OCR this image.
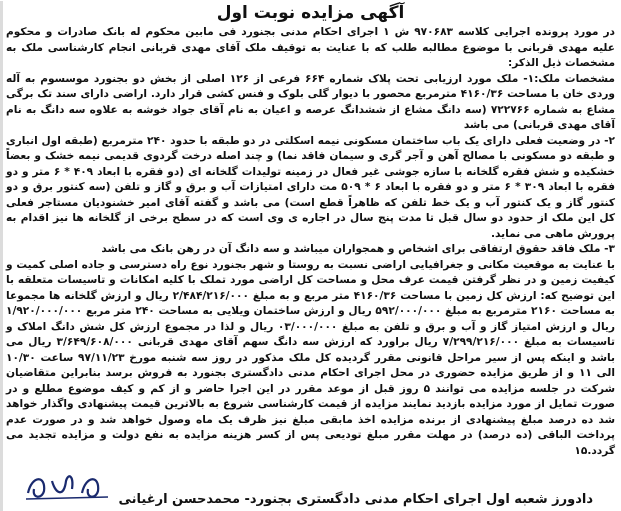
آگهی مزایده نوبت اول

در مورد پرونده اجرایی کلاسه ۹۷۰۶۸۳ ش ۱ اجرای احکام مدنی بجنورد فی مابین محکوم له بانک صادرات و محکوم علیه مهدی قربانی با موضوع مطالبه طلب که با عنایت به توقیف ملک آقای مهدی قربانی انجام کارشناسی ملک به مشخصات ذیل الذکر:

مشخصات ملک:۱- ملک مورد ارزیابی تحت پلاک شماره ۶۶۴ فرعی از ۱۲۶ اصلی از بخش دو بجنورد موسسوم به آله وردی خان با مساحت ۴۱۶۰/۳۶ مترمربع محصور با دیوار گلی بلوک و فنس کشی قرار دارد. اراضی دارای سند تک برگی مشاع به شماره ۷۲۲۷۶۶ (سه دانگ مشاع از ششدانگ عرصه و اعیان به نام آقای جواد خوشه به علاوه سه دانگ به نام آقای مهدی قربانی) می باشد

۲- در وضعیت فعلی دارای یک باب ساختمان مسکونی نیمه اسکلتی در دو طبقه با حدود ۲۴۰ مترمربع (طبقه اول انباری و طبقه دو مسکونی با مصالح آهن و آجر گری و سیمان فاقد نما) و چند اصله درخت گردوی قدیمی نیمه خشک و بعضاً خشکیده و شش فقره گلخانه با سازه جوشی غیر فعال در زمینه تولیدات گلخانه ای (دو فقره با ابعاد ۴۰۹ * ۶ متر و دو فقره با ابعاد ۳۰۹ * ۶ متر و دو فقره با ابعاد ۶ * ۵۰۹ مت دارای امتیازات آب و برق و گاز و تلفن (سه کنتور برق و دو کنتور گاز و یک کنتور آب و یک خط تلفن که ظاهراً قطع است) می باشد و گفته آقای امیر خشنودیان مستاجر فعلی کل این ملک از حدود دو سال قبل تا مدت پنج سال در اجاره ی وی است که در سطح برخی از گلخانه ها نیز اقدام به پرورش ماهی می نماید.

۳- ملک فاقد حقوق ارتفاقی برای اشخاص و همجواران میباشد و سه دانگ آن در رهن بانک می باشد

با عنایت به موقعیت مکانی و جغرافیایی اراضی نسبت به روستا و شهر بجنورد نوع راه دسترسی و جاده اصلی کمیت و کیفیت زمین و در نظر گرفتن قیمت عرف محل و مساحت کل اراضی مورد تملک با کلیه امکانات و تاسیسات متعلقه با این توضیح که: ارزش کل زمین با مساحت ۴۱۶۰/۳۶ متر مربع و به مبلغ ۲/۴۸۴/۲۱۶/۰۰۰ ریال و ارزش گلخانه ها مجموعا به مساحت ۲۱۶۰ مترمربع به مبلغ ۵۹۲/۰۰۰/۰۰۰ ریال و ارزش ساختمان ویلایی به مساحت ۲۴۰ متر مربع ۱/۹۲۰/۰۰۰/۰۰۰ ریال و ارزش امتیاز گاز و آب و برق و تلفن به مبلغ ۰۳/۰۰۰/۰۰۰ ریال و لذا در مجموع ارزش کل شش دانگ املاک و تاسیسات به مبلغ ۷/۲۹۹/۲۱۶/۰۰۰ ریال براورد که ارزش سه دانگ سهم آقای مهدی قربانی ۳/۶۴۹/۶۰۸/۰۰۰ ریال می باشد و اینکه پس از سیر مراحل قانونی مقرر گردیده کل ملک مذکور در روز سه شنبه مورخ ۹۷/۱۱/۲۳ ساعت ۱۰/۳۰ الی ۱۱ و از طریق مزایده حضوری در محل اجرای احکام مدنی دادگستری بجنورد به فروش برسد بنابراین متقاضیان شرکت در جلسه مزایده می توانند ۵ روز قبل از موعد مقرر در این اجرا حاضر و از کم و کیف موضوع مطلع و در صورت تمایل از مورد مزایده بازدید نمایند مزایده از قیمت کارشناسی شروع به بالاترین قیمت پیشنهادی واگذار خواهد شد ده درصد مبلغ پیشنهادی از برنده مزایده اخذ مابقی مبلغ نیز ظرف یک ماه وصول خواهد شد و در صورت عدم پرداخت الباقی (ده درصد) در مهلت مقرر مبلغ تودیعی پس از کسر هزینه مزایده به نفع دولت و مزایده تجدید می گردد.۱۵

دادورز شعبه اول اجرای احکام مدنی دادگستری بجنورد- محمدحسن ارغیانی
